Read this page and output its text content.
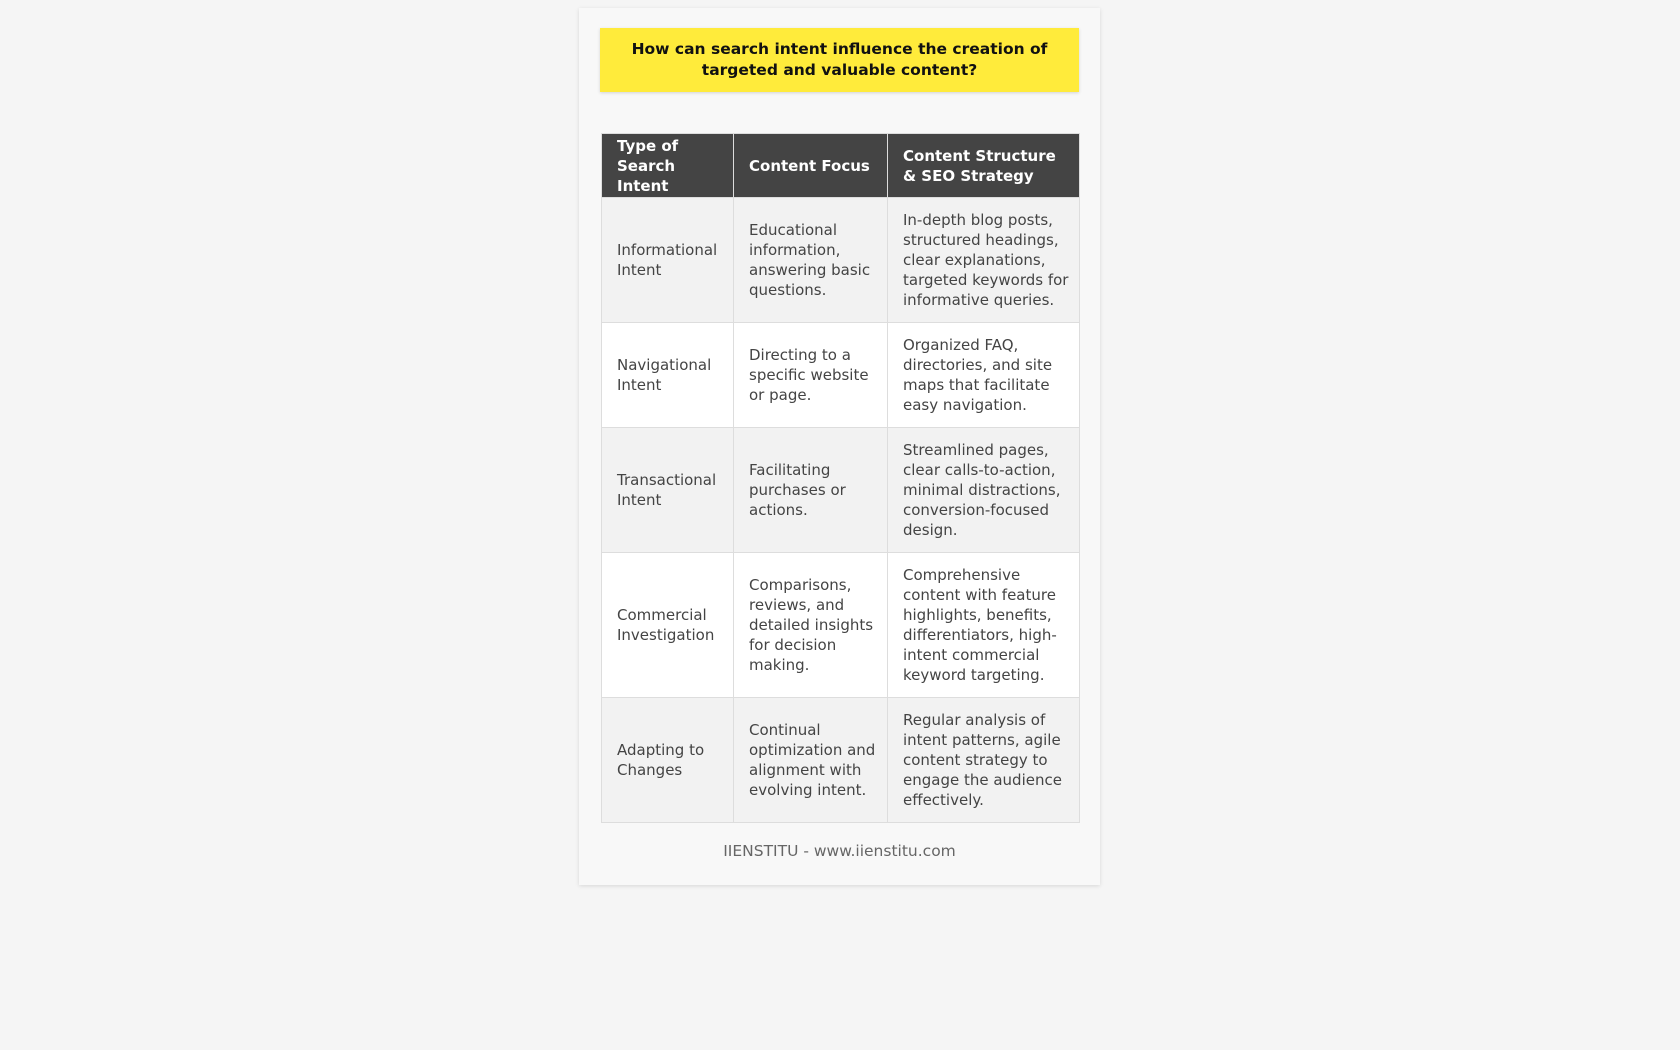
How can search intent influence the creation of targeted and valuable content?
Type of Search Intent	Content Focus	Content Structure & SEO Strategy
Informational Intent	Educational information, answering basic questions.	In-depth blog posts, structured headings, clear explanations, targeted keywords for informative queries.
Navigational Intent	Directing to a specific website or page.	Organized FAQ, directories, and site maps that facilitate easy navigation.
Transactional Intent	Facilitating purchases or actions.	Streamlined pages, clear calls-to-action, minimal distractions, conversion-focused design.
Commercial Investigation	Comparisons, reviews, and detailed insights for decision making.	Comprehensive content with feature highlights, benefits, differentiators, high-intent commercial keyword targeting.
Adapting to Changes	Continual optimization and alignment with evolving intent.	Regular analysis of intent patterns, agile content strategy to engage the audience effectively.
IIENSTITU - www.iienstitu.com
